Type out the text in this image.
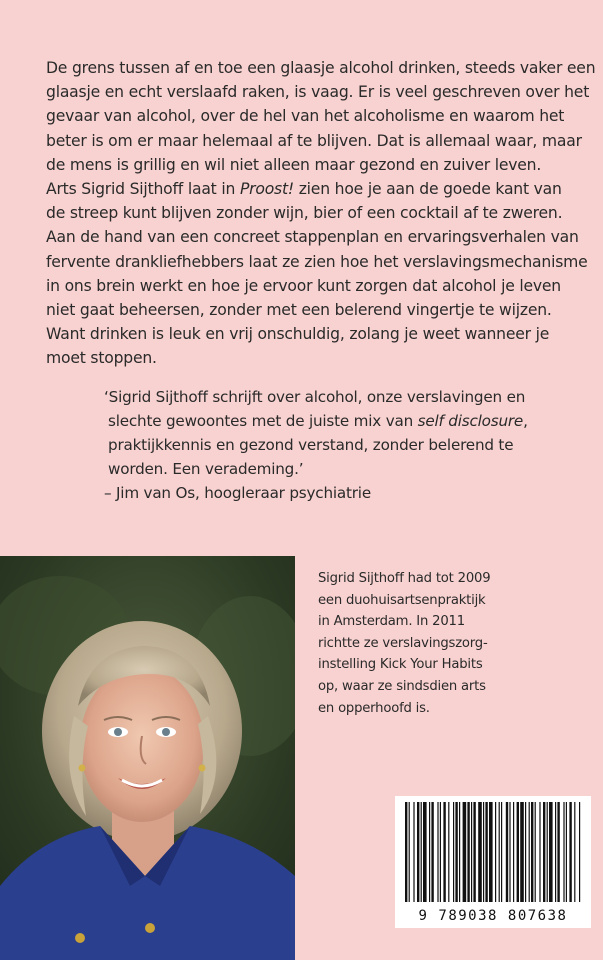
De grens tussen af en toe een glaasje alcohol drinken, steeds vaker een

glaasje en echt verslaafd raken, is vaag. Er is veel geschreven over het

gevaar van alcohol, over de hel van het alcoholisme en waarom het

beter is om er maar helemaal af te blijven. Dat is allemaal waar, maar

de mens is grillig en wil niet alleen maar gezond en zuiver leven.

Arts Sigrid Sijthoff laat in Proost! zien hoe je aan de goede kant van

de streep kunt blijven zonder wijn, bier of een cocktail af te zweren.

Aan de hand van een concreet stappenplan en ervaringsverhalen van

fervente drankliefhebbers laat ze zien hoe het verslavingsmechanisme

in ons brein werkt en hoe je ervoor kunt zorgen dat alcohol je leven

niet gaat beheersen, zonder met een belerend vingertje te wijzen.

Want drinken is leuk en vrij onschuldig, zolang je weet wanneer je

moet stoppen.

‘Sigrid Sijthoff schrijft over alcohol, onze verslavingen en

slechte gewoontes met de juiste mix van self disclosure,

praktijkkennis en gezond verstand, zonder belerend te

worden. Een verademing.’

– Jim van Os, hoogleraar psychiatrie

Sigrid Sijthoff had tot 2009

een duohuisartsenpraktijk

in Amsterdam. In 2011

richtte ze verslavingszorg-

instelling Kick Your Habits

op, waar ze sindsdien arts

en opperhoofd is.

9 789038 807638
